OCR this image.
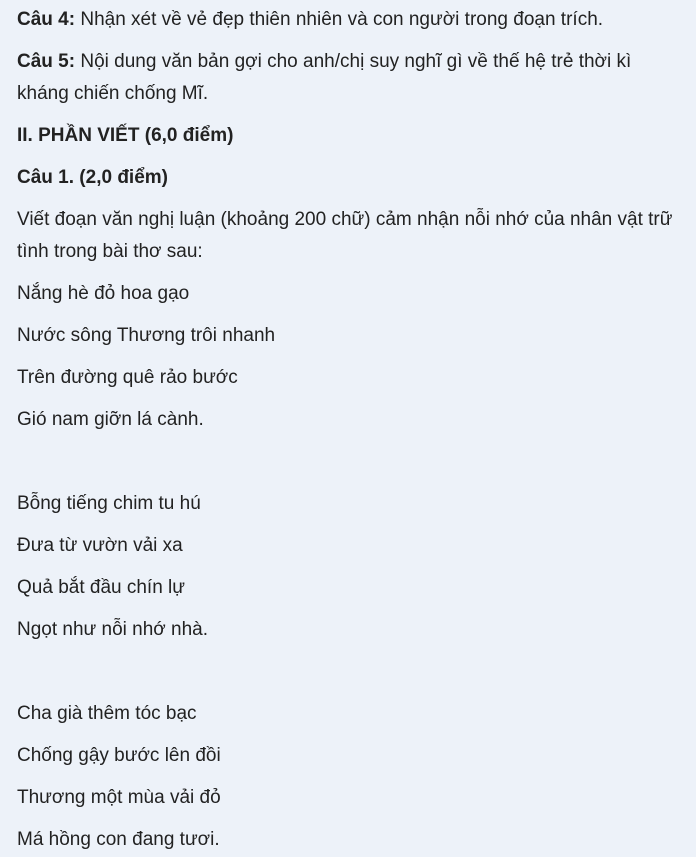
Câu 4: Nhận xét về vẻ đẹp thiên nhiên và con người trong đoạn trích.

Câu 5: Nội dung văn bản gợi cho anh/chị suy nghĩ gì về thế hệ trẻ thời kì kháng chiến chống Mĩ.

II. PHẦN VIẾT (6,0 điểm)

Câu 1. (2,0 điểm)

Viết đoạn văn nghị luận (khoảng 200 chữ) cảm nhận nỗi nhớ của nhân vật trữ tình trong bài thơ sau:

Nắng hè đỏ hoa gạo

Nước sông Thương trôi nhanh

Trên đường quê rảo bước

Gió nam giỡn lá cành.

Bỗng tiếng chim tu hú

Đưa từ vườn vải xa

Quả bắt đầu chín lự

Ngọt như nỗi nhớ nhà.

Cha già thêm tóc bạc

Chống gậy bước lên đồi

Thương một mùa vải đỏ

Má hồng con đang tươi.
